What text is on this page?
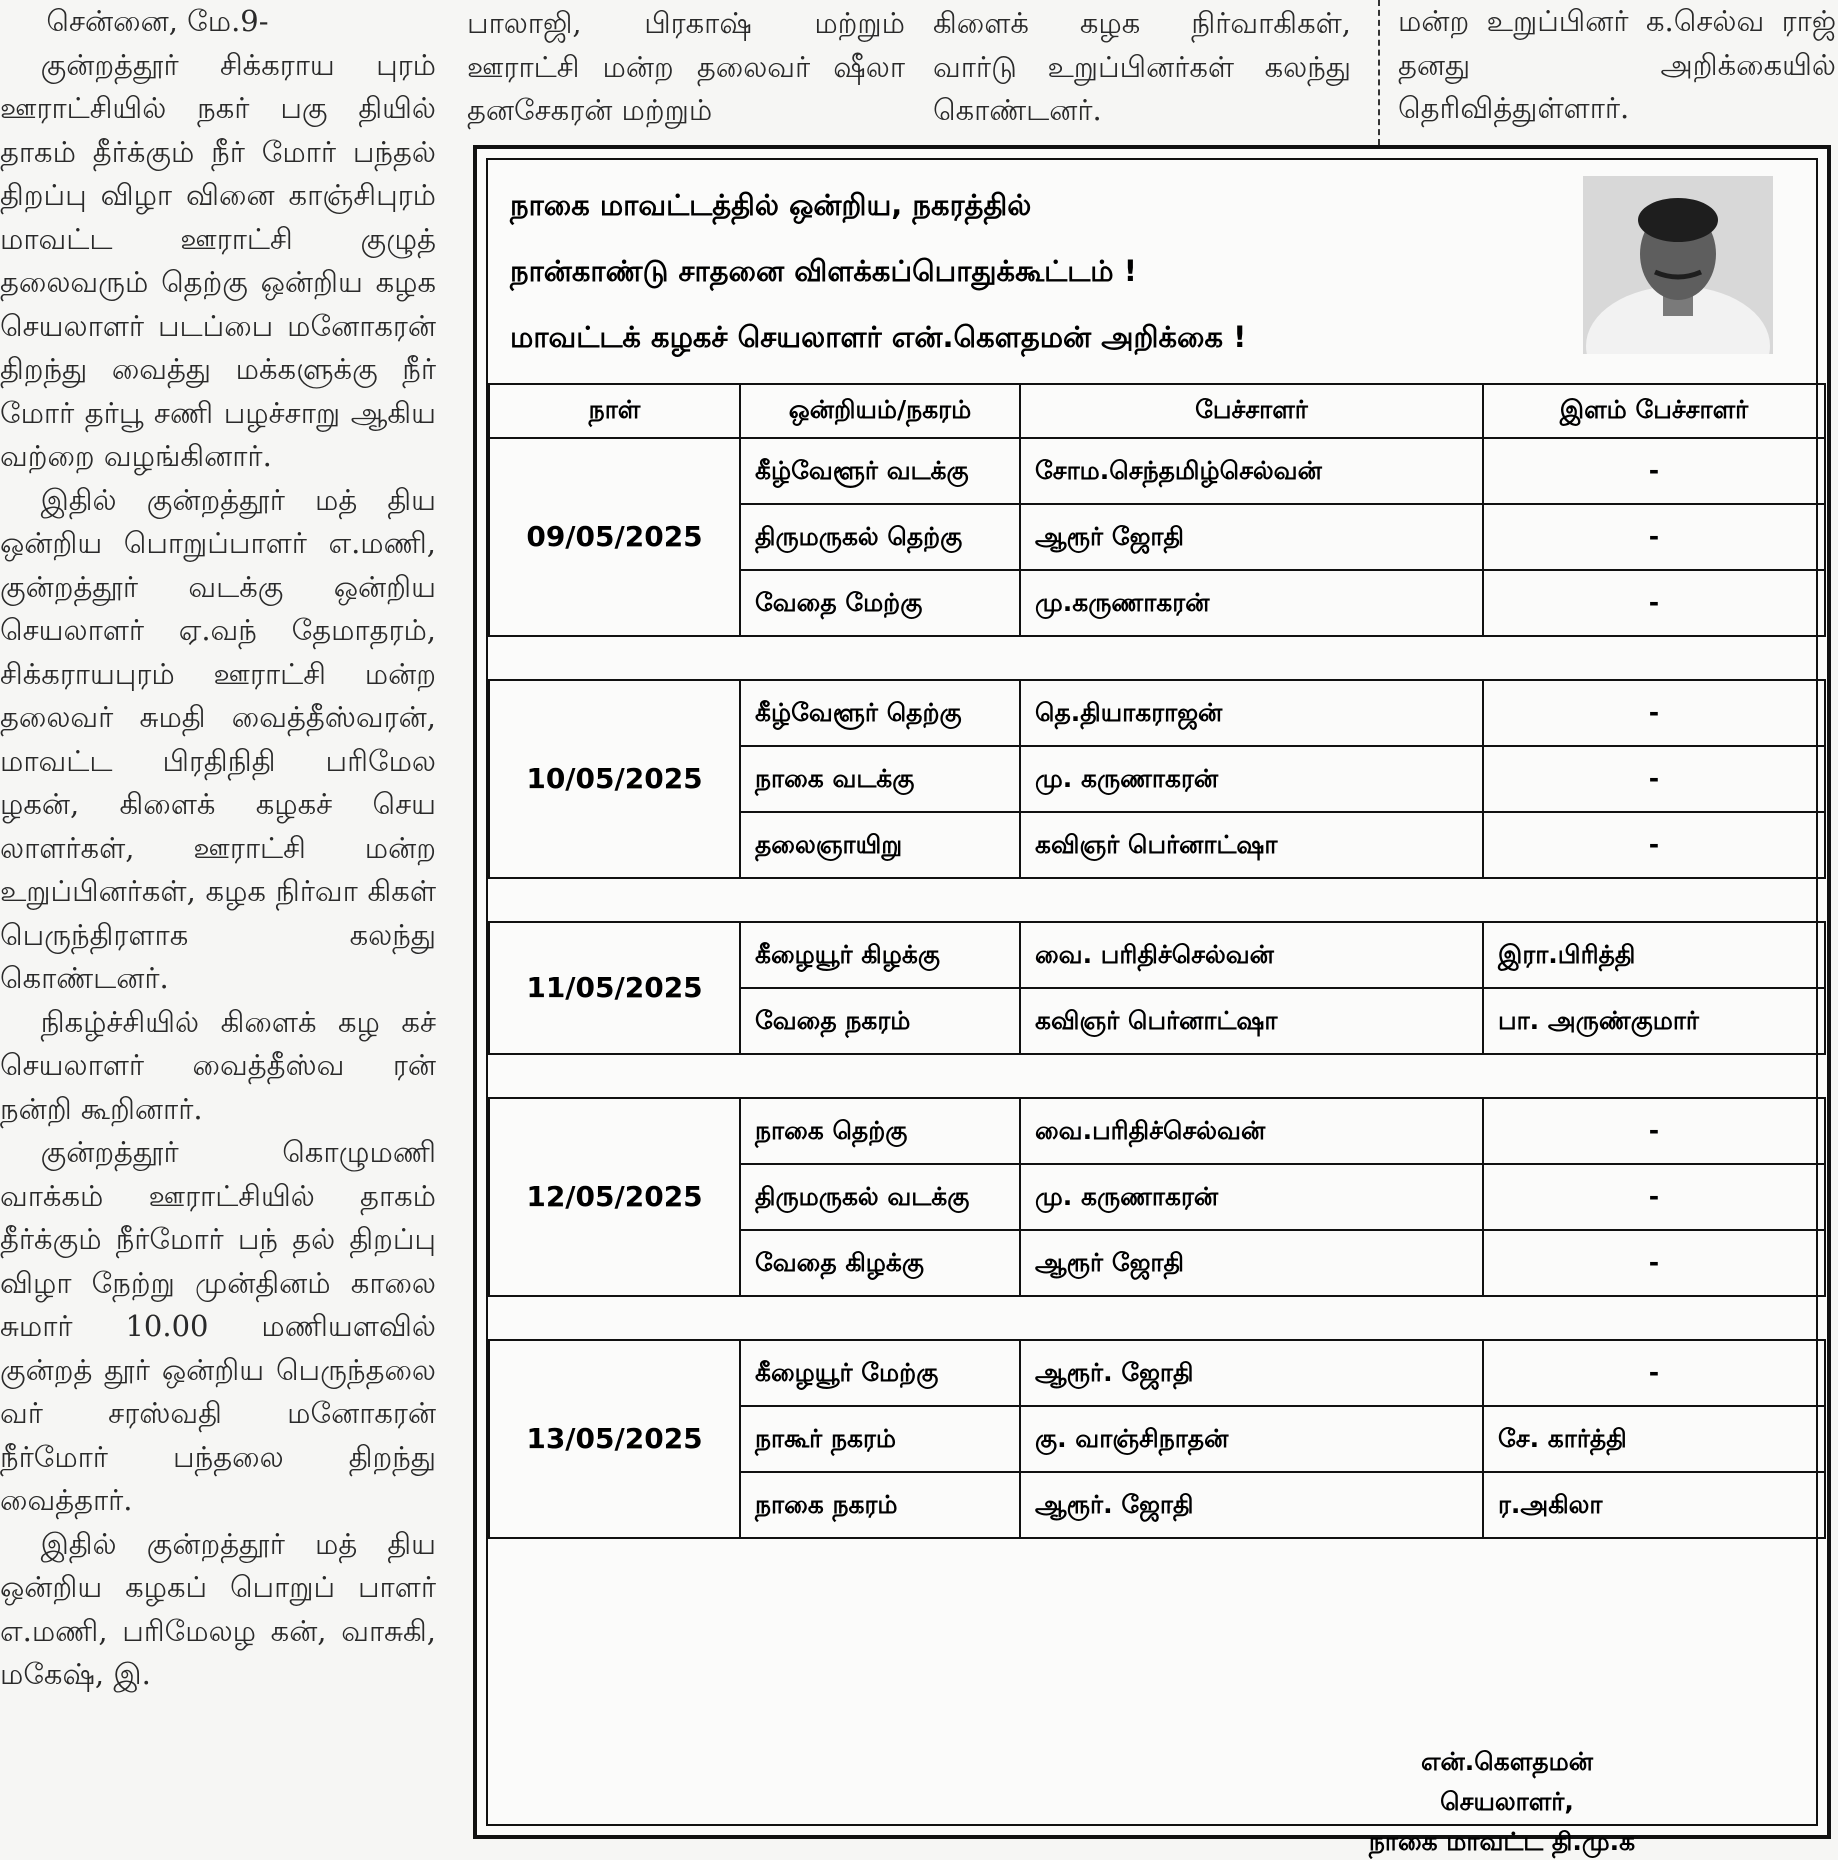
சென்னை, மே.9-

குன்றத்தூர் சிக்கராய புரம் ஊராட்சியில் நகர் பகு தியில் தாகம் தீர்க்கும் நீர் மோர் பந்தல் திறப்பு விழா வினை காஞ்சிபுரம் மாவட்ட ஊராட்சி குழுத் தலைவரும் தெற்கு ஒன்றிய கழக செயலாளர் படப்பை மனோகரன் திறந்து வைத்து மக்களுக்கு நீர் மோர் தர்பூ சணி பழச்சாறு ஆகிய வற்றை வழங்கினார்.

இதில் குன்றத்தூர் மத் திய ஒன்றிய பொறுப்பாளர் எ.மணி, குன்றத்தூர் வடக்கு ஒன்றிய செயலாளர் ஏ.வந் தேமாதரம், சிக்கராயபுரம் ஊராட்சி மன்ற தலைவர் சுமதி வைத்தீஸ்வரன், மாவட்ட பிரதிநிதி பரிமேல ழகன், கிளைக் கழகச் செய லாளர்கள், ஊராட்சி மன்ற உறுப்பினர்கள், கழக நிர்வா கிகள் பெருந்திரளாக கலந்து கொண்டனர்.

நிகழ்ச்சியில் கிளைக் கழ கச் செயலாளர் வைத்தீஸ்வ ரன் நன்றி கூறினார்.

குன்றத்தூர் கொழுமணி வாக்கம் ஊராட்சியில் தாகம் தீர்க்கும் நீர்மோர் பந் தல் திறப்பு விழா நேற்று முன்தினம் காலை சுமார் 10.00 மணியளவில் குன்றத் தூர் ஒன்றிய பெருந்தலை வர் சரஸ்வதி மனோகரன் நீர்மோர் பந்தலை திறந்து வைத்தார்.

இதில் குன்றத்தூர் மத் திய ஒன்றிய கழகப் பொறுப் பாளர் எ.மணி, பரிமேலழ கன், வாசுகி, மகேஷ், இ.

பாலாஜி, பிரகாஷ் மற்றும் ஊராட்சி மன்ற தலைவர் ஷீலா தனசேகரன் மற்றும்

கிளைக் கழக நிர்வாகிகள், வார்டு உறுப்பினர்கள் கலந்து கொண்டனர்.

மன்ற உறுப்பினர் க.செல்வ ராஜ் தனது அறிக்கையில் தெரிவித்துள்ளார்.

நாகை மாவட்டத்தில் ஒன்றிய, நகரத்தில்
நான்காண்டு சாதனை விளக்கப்பொதுக்கூட்டம் !
மாவட்டக் கழகச் செயலாளர் என்.கௌதமன் அறிக்கை !
நாள்	ஒன்றியம்/நகரம்	பேச்சாளர்	இளம் பேச்சாளர்
09/05/2025	கீழ்வேளூர் வடக்கு	சோம.செந்தமிழ்செல்வன்	-
	திருமருகல் தெற்கு	ஆரூர் ஜோதி	-
	வேதை மேற்கு	மு.கருணாகரன்	-

10/05/2025	கீழ்வேளூர் தெற்கு	தெ.தியாகராஜன்	-
	நாகை வடக்கு	மு. கருணாகரன்	-
	தலைஞாயிறு	கவிஞர் பெர்னாட்ஷா	-

11/05/2025	கீழையூர் கிழக்கு	வை. பரிதிச்செல்வன்	இரா.பிரித்தி
	வேதை நகரம்	கவிஞர் பெர்னாட்ஷா	பா. அருண்குமார்

12/05/2025	நாகை தெற்கு	வை.பரிதிச்செல்வன்	-
	திருமருகல் வடக்கு	மு. கருணாகரன்	-
	வேதை கிழக்கு	ஆரூர் ஜோதி	-

13/05/2025	கீழையூர் மேற்கு	ஆரூர். ஜோதி	-
	நாகூர் நகரம்	கு. வாஞ்சிநாதன்	சே. கார்த்தி
	நாகை நகரம்	ஆரூர். ஜோதி	ர.அகிலா
என்.கௌதமன்
செயலாளர்,
நாகை மாவட்ட தி.மு.க
